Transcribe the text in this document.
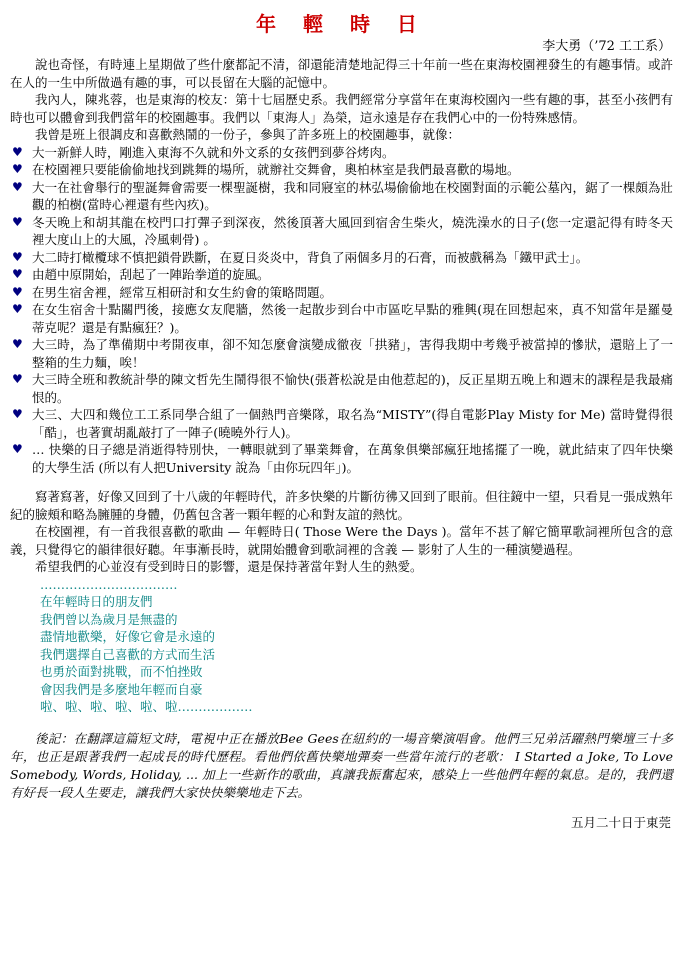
年 輕 時 日
李大勇（’72 工工系）

說也奇怪，有時連上星期做了些什麼都記不清，卻還能清楚地記得三十年前一些在東海校園裡發生的有趣事情。或許在人的一生中所做過有趣的事，可以長留在大腦的記憶中。

我內人，陳兆蓉，也是東海的校友：第十七屆歷史系。我們經常分享當年在東海校園內一些有趣的事，甚至小孩們有時也可以體會到我們當年的校園趣事。我們以「東海人」為榮，這永遠是存在我們心中的一份特殊感情。

我曾是班上很調皮和喜歡熱鬧的一份子，參與了許多班上的校園趣事，就像：

♥ 大一新鮮人時，剛進入東海不久就和外文系的女孩們到夢谷烤肉。
♥ 在校園裡只要能偷偷地找到跳舞的場所，就辦社交舞會，奧柏林室是我們最喜歡的場地。
♥ 大一在社會舉行的聖誕舞會需要一棵聖誕樹，我和同寢室的林弘場偷偷地在校園對面的示範公墓內，鋸了一棵頗為壯觀的柏樹(當時心裡還有些內疚)。
♥ 冬天晚上和胡其龍在校門口打彈子到深夜，然後頂著大風回到宿舍生柴火，燒洗澡水的日子(您一定還記得有時冬天裡大度山上的大風，冷風刺骨) 。
♥ 大二時打橄欖球不慎把鎖骨跌斷，在夏日炎炎中，背負了兩個多月的石膏，而被戲稱為「鐵甲武士」。
♥ 由趙中原開始，刮起了一陣跆拳道的旋風。
♥ 在男生宿舍裡，經常互相研討和女生約會的策略問題。
♥ 在女生宿舍十點關門後，接應女友爬牆，然後一起散步到台中市區吃早點的雅興(現在回想起來，真不知當年是羅曼蒂克呢？還是有點瘋狂？)。
♥ 大三時，為了準備期中考開夜車，卻不知怎麼會演變成徹夜「拱豬」，害得我期中考幾乎被當掉的慘狀，還賠上了一整箱的生力麵，唉！
♥ 大三時全班和教統計學的陳文哲先生鬧得很不愉快(張蒼松說是由他惹起的)，反正星期五晚上和週末的課程是我最痛恨的。
♥ 大三、大四和幾位工工系同學合組了一個熱門音樂隊，取名為“MISTY”(得自電影Play Misty for Me) 當時覺得很「酷」，也著實胡亂敲打了一陣子(曉曉外行人)。
♥ … 快樂的日子總是消逝得特別快，一轉眼就到了畢業舞會，在萬象俱樂部瘋狂地搖擺了一晚，就此結束了四年快樂的大學生活 (所以有人把University 說為「由你玩四年」)。

寫著寫著，好像又回到了十八歲的年輕時代，許多快樂的片斷彷彿又回到了眼前。但往鏡中一望，只看見一張成熟年紀的臉頰和略為臃腫的身體，仍舊包含著一顆年輕的心和對友誼的熱忱。

在校園裡，有一首我很喜歡的歌曲 — 年輕時日( Those Were the Days )。當年不甚了解它簡單歌詞裡所包含的意義，只覺得它的韻律很好聽。年事漸長時，就開始體會到歌詞裡的含義 — 影射了人生的一種演變過程。

希望我們的心並沒有受到時日的影響，還是保持著當年對人生的熱愛。

……………………………
在年輕時日的朋友們
我們曾以為歲月是無盡的
盡情地歡樂，好像它會是永遠的
我們選擇自己喜歡的方式而生活
也勇於面對挑戰，而不怕挫敗
會因我們是多麼地年輕而自豪
啦、啦、啦、啦、啦、啦………………

後記：在翻譯這篇短文時，電視中正在播放Bee Gees在紐約的一場音樂演唱會。他們三兄弟活躍熱門樂壇三十多年，也正是跟著我們一起成長的時代歷程。看他們依舊快樂地彈奏一些當年流行的老歌： I Started a Joke, To Love Somebody, Words, Holiday, ... 加上一些新作的歌曲，真讓我振奮起來，感染上一些他們年輕的氣息。是的，我們還有好長一段人生要走，讓我們大家快快樂樂地走下去。

五月二十日于東莞
